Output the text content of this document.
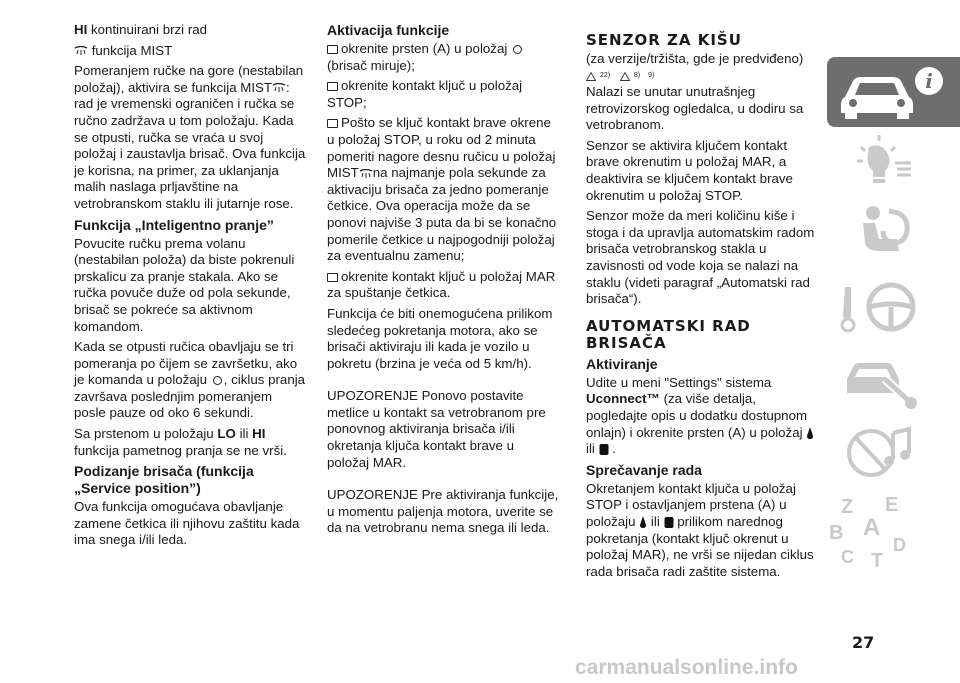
HI kontinuirani brzi rad

funkcija MIST

Pomeranjem ručke na gore (nestabilan položaj), aktivira se funkcija MIST : rad je vremenski ograničen i ručka se ručno zadržava u tom položaju. Kada se otpusti, ručka se vraća u svoj položaj i zaustavlja brisač. Ova funkcija je korisna, na primer, za uklanjanja malih naslaga prljavštine na vetrobranskom staklu ili jutarnje rose.

Funkcija „Inteligentno pranje”

Povucite ručku prema volanu (nestabilan položa) da biste pokrenuli prskalicu za pranje stakala. Ako se ručka povuče duže od pola sekunde, brisač se pokreće sa aktivnom komandom.

Kada se otpusti ručica obavljaju se tri pomeranja po čijem se završetku, ako je komanda u položaju , ciklus pranja završava poslednjim pomeranjem posle pauze od oko 6 sekundi.

Sa prstenom u položaju LO ili HI funkcija pametnog pranja se ne vrši.

Podizanje brisača (funkcija „Service position”)

Ova funkcija omogućava obavljanje zamene četkica ili njihovu zaštitu kada ima snega i/ili leda.

Aktivacija funkcije

okrenite prsten (A) u položaj  (brisač miruje);

okrenite kontakt ključ u položaj STOP;

Pošto se ključ kontakt brave okrene u položaj STOP, u roku od 2 minuta pomeriti nagore desnu ručicu u položaj MIST na najmanje pola sekunde za aktivaciju brisača za jedno pomeranje četkice. Ova operacija može da se ponovi najviše 3 puta da bi se konačno pomerile četkice u najpogodniji položaj za eventualnu zamenu;

okrenite kontakt ključ u položaj MAR za spuštanje četkica.

Funkcija će biti onemogućena prilikom sledećeg pokretanja motora, ako se brisači aktiviraju ili kada je vozilo u pokretu (brzina je veća od 5 km/h).

UPOZORENJE Ponovo postavite metlice u kontakt sa vetrobranom pre ponovnog aktiviranja brisača i/ili okretanja ključa kontakt brave u položaj MAR.

UPOZORENJE Pre aktiviranja funkcije, u momentu paljenja motora, uverite se da na vetrobranu nema snega ili leda.

SENZOR ZA KIŠU

(za verzije/tržišta, gde je predviđeno)

22)	8) 9)

Nalazi se unutar unutrašnjeg retrovizorskog ogledalca, u dodiru sa vetrobranom.

Senzor se aktivira ključem kontakt brave okrenutim u položaj MAR, a deaktivira se ključem kontakt brave okrenutim u položaj STOP.

Senzor može da meri količinu kiše i stoga i da upravlja automatskim radom brisača vetrobranskog stakla u zavisnosti od vode koja se nalazi na staklu (videti paragraf „Automatski rad brisača“).

AUTOMATSKI RAD BRISAČA
Aktiviranje

Udite u meni "Settings" sistema Uconnect™ (za više detalja, pogledajte opis u dodatku dostupnom onlajn) i okrenite prsten (A) u položaj  ili  .

Sprečavanje rada

Okretanjem kontakt ključa u položaj STOP i ostavljanjem prstena (A) u položaju  ili  prilikom narednog pokretanja (kontakt ključ okrenut u položaj MAR), ne vrši se nijedan ciklus rada brisača radi zaštite sistema.

i
Z E
B A
C
D
T
27
carmanualsonline.info
